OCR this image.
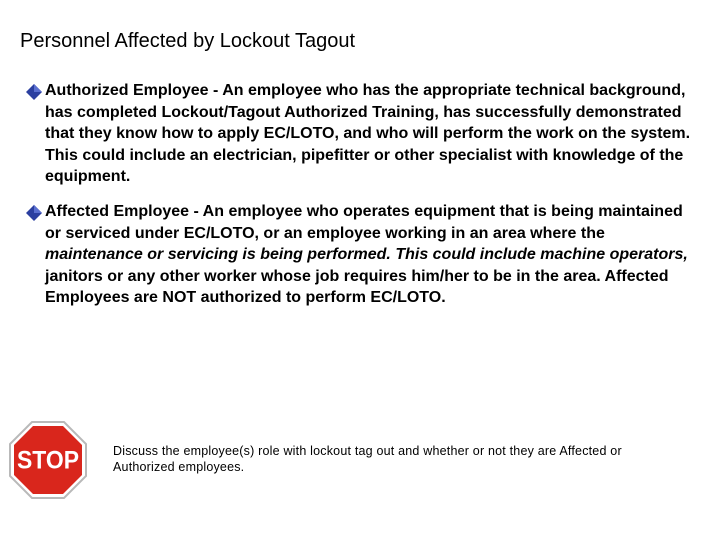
Personnel Affected by Lockout Tagout
Authorized Employee - An employee who has the appropriate technical background, has completed Lockout/Tagout Authorized Training, has successfully demonstrated that they know how to apply EC/LOTO, and who will perform the work on the system. This could include an electrician, pipefitter or other specialist with knowledge of the equipment.
Affected Employee - An employee who operates equipment that is being maintained or serviced under EC/LOTO, or an employee working in an area where the maintenance or servicing is being performed. This could include machine operators, janitors or any other worker whose job requires him/her to be in the area. Affected Employees are NOT authorized to perform EC/LOTO.
STOP	Discuss the employee(s) role with lockout tag out and whether or not they are Affected or Authorized employees.
